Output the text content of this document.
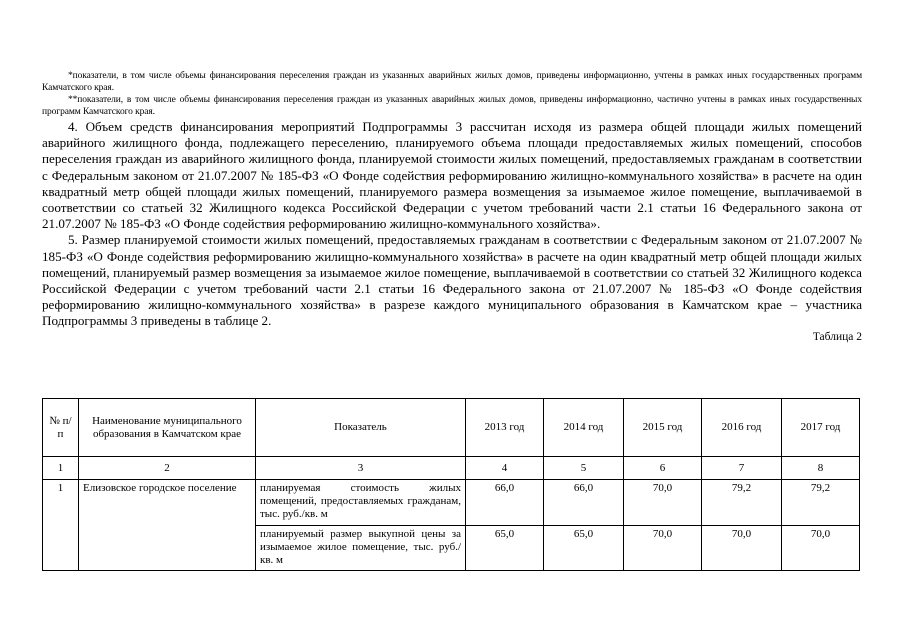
*показатели, в том числе объемы финансирования переселения граждан из указанных аварийных жилых домов, приведены информационно, учтены в рамках иных государственных программ Камчатского края.

**показатели, в том числе объемы финансирования переселения граждан из указанных аварийных жилых домов, приведены информационно, частично учтены в рамках иных государственных программ Камчатского края.

4. Объем средств финансирования мероприятий Подпрограммы 3 рассчитан исходя из размера общей площади жилых помещений аварийного жилищного фонда, подлежащего переселению, планируемого объема площади предоставляемых жилых помещений, способов переселения граждан из аварийного жилищного фонда, планируемой стоимости жилых помещений, предоставляемых гражданам в соответствии с Федеральным законом от 21.07.2007 № 185-ФЗ «О Фонде содействия реформированию жилищно-коммунального хозяйства» в расчете на один квадратный метр общей площади жилых помещений, планируемого размера возмещения за изымаемое жилое помещение, выплачиваемой в соответствии со статьей 32 Жилищного кодекса Российской Федерации с учетом требований части 2.1 статьи 16 Федерального закона от 21.07.2007 № 185-ФЗ «О Фонде содействия реформированию жилищно-коммунального хозяйства».

5. Размер планируемой стоимости жилых помещений, предоставляемых гражданам в соответствии с Федеральным законом от 21.07.2007 № 185-ФЗ «О Фонде содействия реформированию жилищно-коммунального хозяйства» в расчете на один квадратный метр общей площади жилых помещений, планируемый размер возмещения за изымаемое жилое помещение, выплачиваемой в соответствии со статьей 32 Жилищного кодекса Российской Федерации с учетом требований части 2.1 статьи 16 Федерального закона от 21.07.2007 № 185-ФЗ «О Фонде содействия реформированию жилищно-коммунального хозяйства» в разрезе каждого муниципального образования в Камчатском крае – участника Подпрограммы 3 приведены в таблице 2.

Таблица 2

№ п/п	Наименование муниципального образования в Камчатском крае	Показатель	2013 год	2014 год	2015 год	2016 год	2017 год
1	2	3	4	5	6	7	8
1	Елизовское городское поселение	планируемая стоимость жилых помещений, предоставляемых гражданам, тыс. руб./кв. м	66,0	66,0	70,0	79,2	79,2
		планируемый размер выкупной цены за изымаемое жилое помещение, тыс. руб./кв. м	65,0	65,0	70,0	70,0	70,0
